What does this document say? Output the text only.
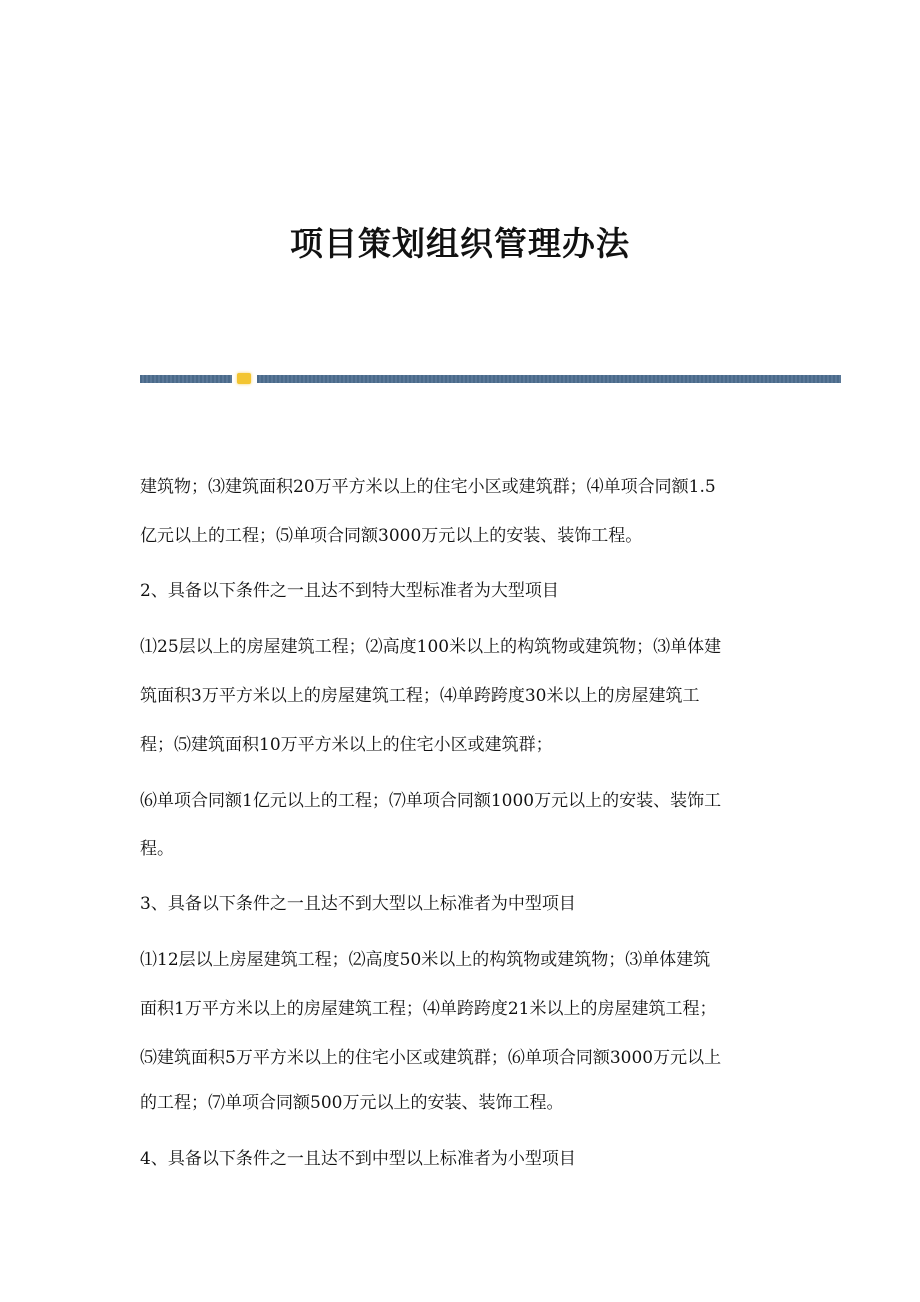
项目策划组织管理办法
建筑物；⑶建筑面积20万平方米以上的住宅小区或建筑群；⑷单项合同额1.5
亿元以上的工程；⑸单项合同额3000万元以上的安装、装饰工程。
2、具备以下条件之一且达不到特大型标准者为大型项目
⑴25层以上的房屋建筑工程；⑵高度100米以上的构筑物或建筑物；⑶单体建
筑面积3万平方米以上的房屋建筑工程；⑷单跨跨度30米以上的房屋建筑工
程；⑸建筑面积10万平方米以上的住宅小区或建筑群；
⑹单项合同额1亿元以上的工程；⑺单项合同额1000万元以上的安装、装饰工
程。
3、具备以下条件之一且达不到大型以上标准者为中型项目
⑴12层以上房屋建筑工程；⑵高度50米以上的构筑物或建筑物；⑶单体建筑
面积1万平方米以上的房屋建筑工程；⑷单跨跨度21米以上的房屋建筑工程；
⑸建筑面积5万平方米以上的住宅小区或建筑群；⑹单项合同额3000万元以上
的工程；⑺单项合同额500万元以上的安装、装饰工程。
4、具备以下条件之一且达不到中型以上标准者为小型项目
